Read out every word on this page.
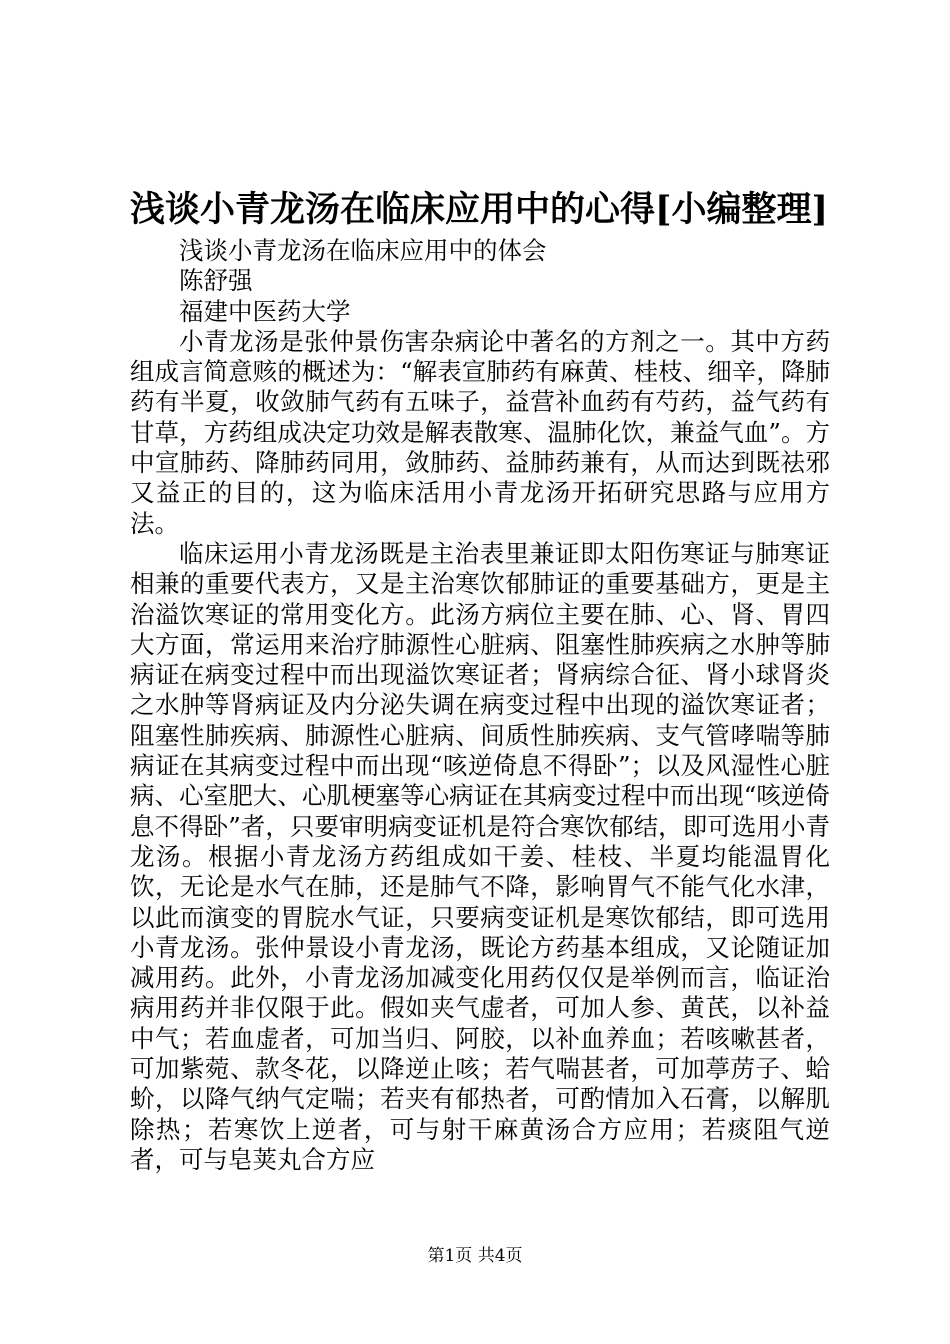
浅谈小青龙汤在临床应用中的心得[小编整理]

浅谈小青龙汤在临床应用中的体会

陈舒强

福建中医药大学

小青龙汤是张仲景伤害杂病论中著名的方剂之一。其中方药组成言简意赅的概述为：“解表宣肺药有麻黄、桂枝、细辛，降肺药有半夏，收敛肺气药有五味子，益营补血药有芍药，益气药有甘草，方药组成决定功效是解表散寒、温肺化饮，兼益气血”。方中宣肺药、降肺药同用，敛肺药、益肺药兼有，从而达到既祛邪又益正的目的，这为临床活用小青龙汤开拓研究思路与应用方法。

临床运用小青龙汤既是主治表里兼证即太阳伤寒证与肺寒证相兼的重要代表方，又是主治寒饮郁肺证的重要基础方，更是主治溢饮寒证的常用变化方。此汤方病位主要在肺、心、肾、胃四大方面，常运用来治疗肺源性心脏病、阻塞性肺疾病之水肿等肺病证在病变过程中而出现溢饮寒证者；肾病综合征、肾小球肾炎之水肿等肾病证及内分泌失调在病变过程中出现的溢饮寒证者；阻塞性肺疾病、肺源性心脏病、间质性肺疾病、支气管哮喘等肺病证在其病变过程中而出现“咳逆倚息不得卧”；以及风湿性心脏病、心室肥大、心肌梗塞等心病证在其病变过程中而出现“咳逆倚息不得卧”者，只要审明病变证机是符合寒饮郁结，即可选用小青龙汤。根据小青龙汤方药组成如干姜、桂枝、半夏均能温胃化饮，无论是水气在肺，还是肺气不降，影响胃气不能气化水津，以此而演变的胃脘水气证，只要病变证机是寒饮郁结，即可选用小青龙汤。张仲景设小青龙汤，既论方药基本组成，又论随证加减用药。此外，小青龙汤加减变化用药仅仅是举例而言，临证治病用药并非仅限于此。假如夹气虚者，可加人参、黄芪，以补益中气；若血虚者，可加当归、阿胶，以补血养血；若咳嗽甚者，可加紫菀、款冬花，以降逆止咳；若气喘甚者，可加葶苈子、蛤蚧，以降气纳气定喘；若夹有郁热者，可酌情加入石膏，以解肌除热；若寒饮上逆者，可与射干麻黄汤合方应用；若痰阻气逆者，可与皂荚丸合方应

第1页 共4页
